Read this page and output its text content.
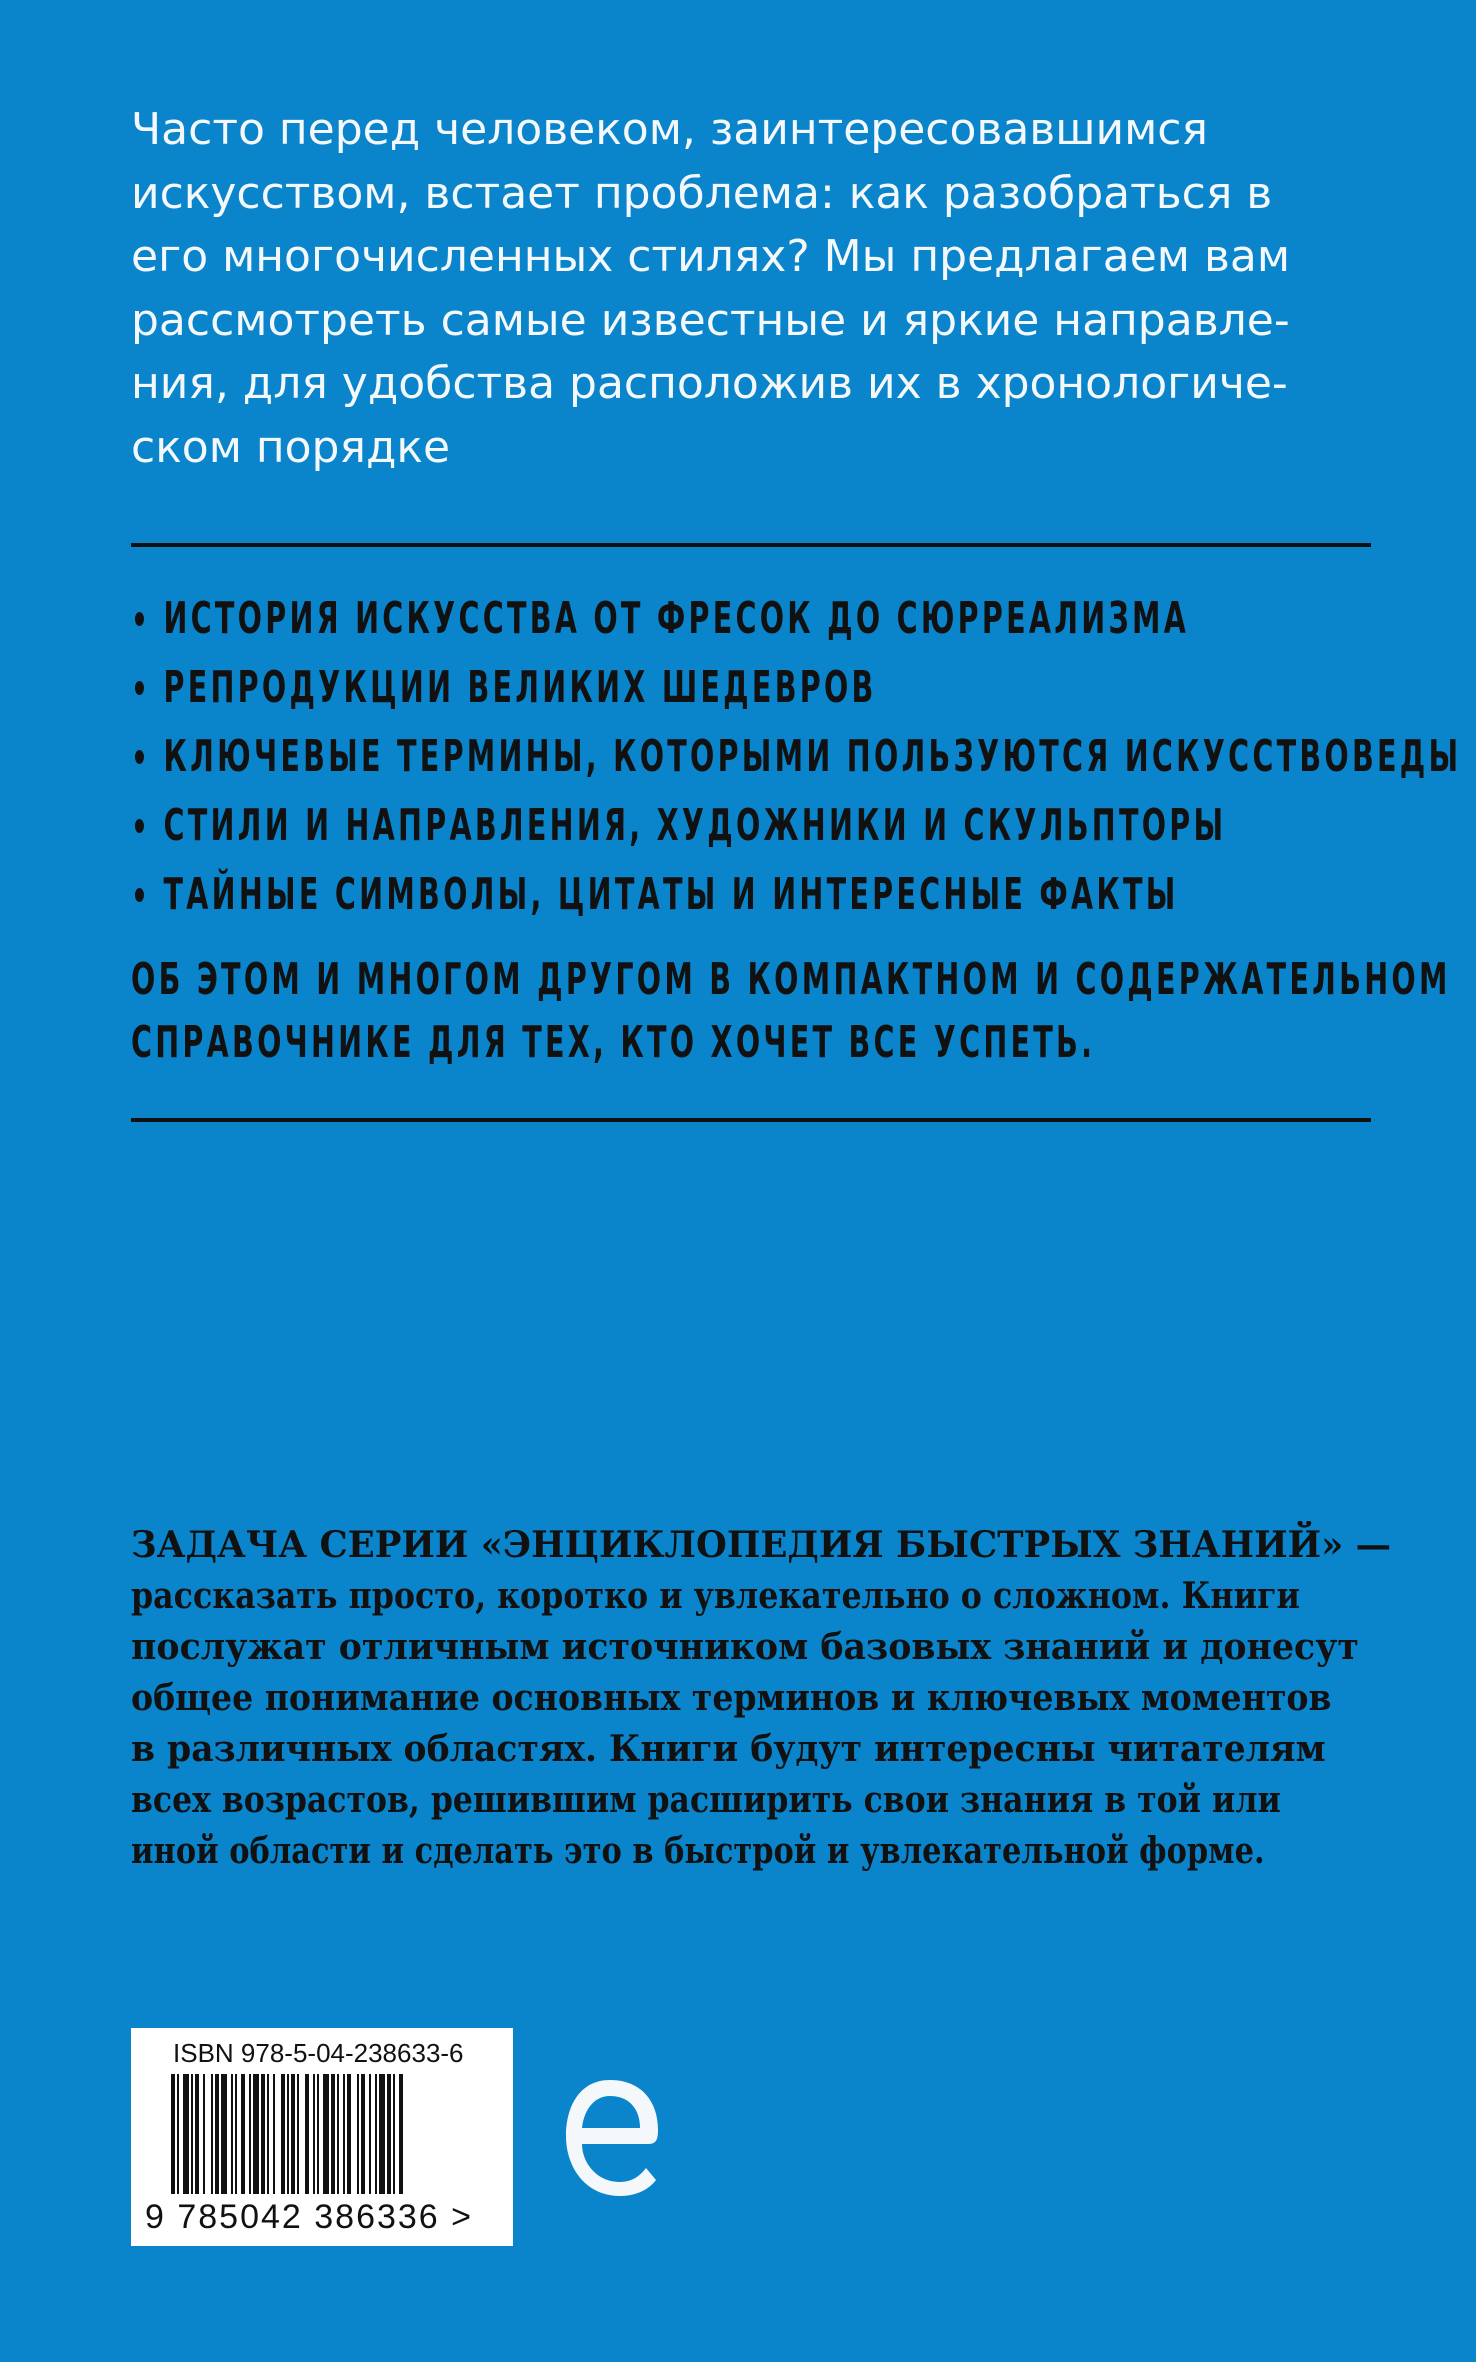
Часто перед человеком, заинтересовавшимся
искусством, встает проблема: как разобраться в
его многочисленных стилях? Мы предлагаем вам
рассмотреть самые известные и яркие направле-
ния, для удобства расположив их в хронологиче-
ском порядке
ИСТОРИЯ ИСКУССТВА ОТ ФРЕСОК ДО СЮРРЕАЛИЗМА
РЕПРОДУКЦИИ ВЕЛИКИХ ШЕДЕВРОВ
КЛЮЧЕВЫЕ ТЕРМИНЫ, КОТОРЫМИ ПОЛЬЗУЮТСЯ ИСКУССТВОВЕДЫ
СТИЛИ И НАПРАВЛЕНИЯ, ХУДОЖНИКИ И СКУЛЬПТОРЫ
ТАЙНЫЕ СИМВОЛЫ, ЦИТАТЫ И ИНТЕРЕСНЫЕ ФАКТЫ
ОБ ЭТОМ И МНОГОМ ДРУГОМ В КОМПАКТНОМ И СОДЕРЖАТЕЛЬНОМ
СПРАВОЧНИКЕ ДЛЯ ТЕХ, КТО ХОЧЕТ ВСЕ УСПЕТЬ.
ЗАДАЧА СЕРИИ «ЭНЦИКЛОПЕДИЯ БЫСТРЫХ ЗНАНИЙ» —
рассказать просто, коротко и увлекательно о сложном. Книги
послужат отличным источником базовых знаний и донесут
общее понимание основных терминов и ключевых моментов
в различных областях. Книги будут интересны читателям
всех возрастов, решившим расширить свои знания в той или
иной области и сделать это в быстрой и увлекательной форме.
ISBN 978-5-04-238633-6
9 785042 386336 >
